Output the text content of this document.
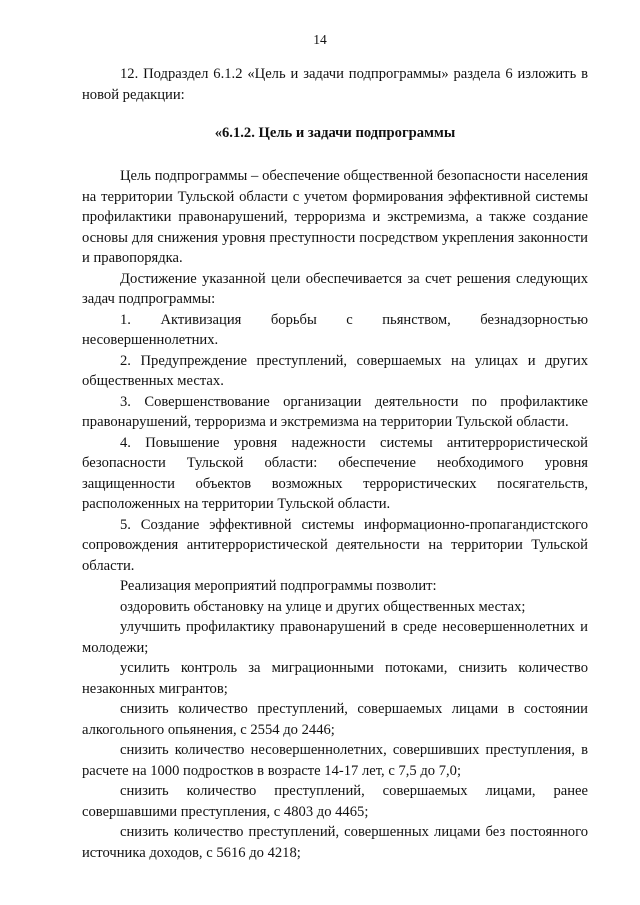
14

12. Подраздел 6.1.2 «Цель и задачи подпрограммы» раздела 6 изложить в новой редакции:

«6.1.2. Цель и задачи подпрограммы

Цель подпрограммы – обеспечение общественной безопасности населения на территории Тульской области с учетом формирования эффективной системы профилактики правонарушений, терроризма и экстремизма, а также создание основы для снижения уровня преступности посредством укрепления законности и правопорядка.

Достижение указанной цели обеспечивается за счет решения следующих задач подпрограммы:

1. Активизация борьбы с пьянством, безнадзорностью несовершеннолетних.

2. Предупреждение преступлений, совершаемых на улицах и других общественных местах.

3. Совершенствование организации деятельности по профилактике правонарушений, терроризма и экстремизма на территории Тульской области.

4. Повышение уровня надежности системы антитеррористической безопасности Тульской области: обеспечение необходимого уровня защищенности объектов возможных террористических посягательств, расположенных на территории Тульской области.

5. Создание эффективной системы информационно-пропагандистского сопровождения антитеррористической деятельности на территории Тульской области.

Реализация мероприятий подпрограммы позволит:

оздоровить обстановку на улице и других общественных местах;

улучшить профилактику правонарушений в среде несовершеннолетних и молодежи;

усилить контроль за миграционными потоками, снизить количество незаконных мигрантов;

снизить количество преступлений, совершаемых лицами в состоянии алкогольного опьянения, с 2554 до 2446;

снизить количество несовершеннолетних, совершивших преступления, в расчете на 1000 подростков в возрасте 14-17 лет, с 7,5 до 7,0;

снизить количество преступлений, совершаемых лицами, ранее совершавшими преступления, с 4803 до 4465;

снизить количество преступлений, совершенных лицами без постоянного источника доходов, с 5616 до 4218;
